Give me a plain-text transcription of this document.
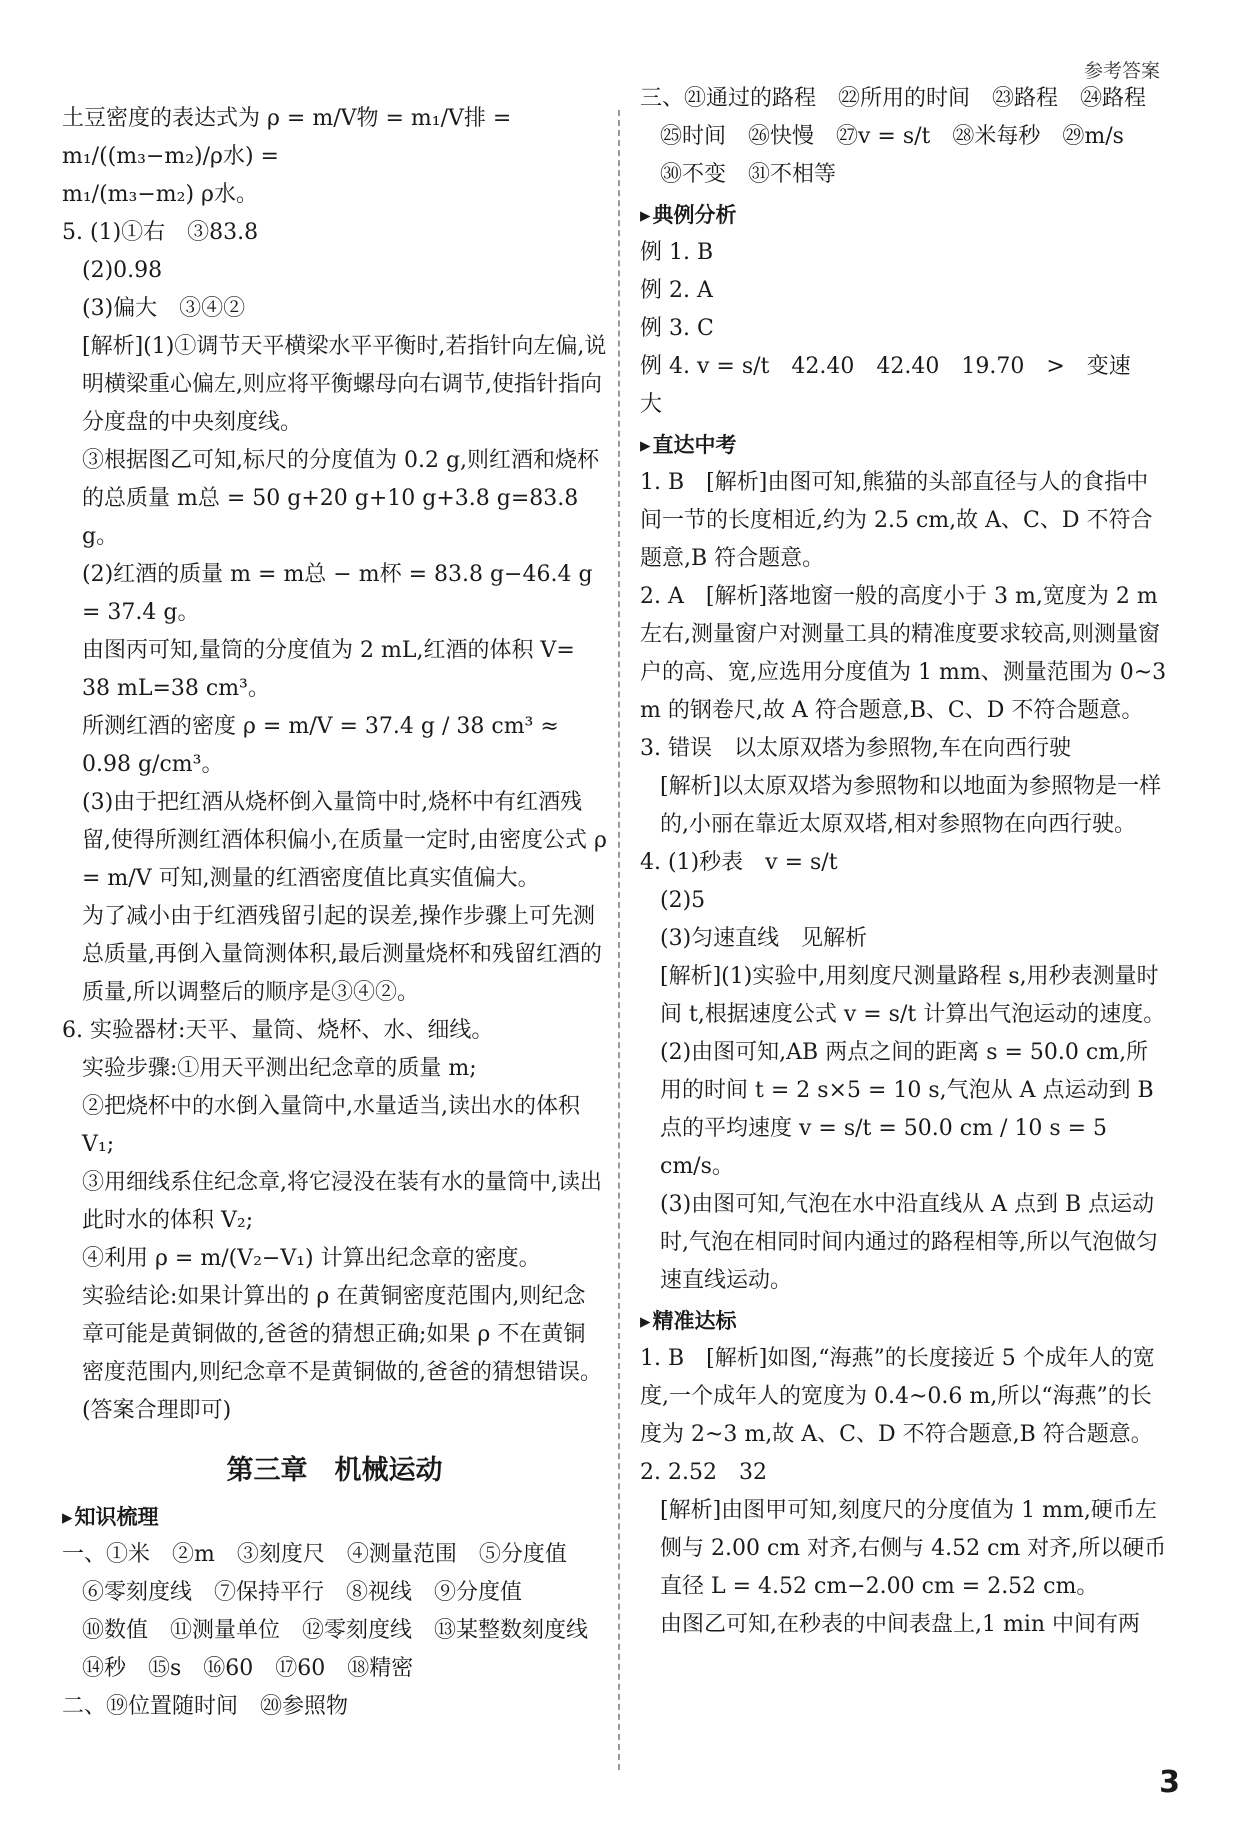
参考答案

土豆密度的表达式为 ρ = m/V物 = m₁/V排 = m₁/((m₃−m₂)/ρ水) =

m₁/(m₃−m₂) ρ水。

5. (1)①右　③83.8

(2)0.98

(3)偏大　③④②

[解析](1)①调节天平横梁水平平衡时,若指针向左偏,说明横梁重心偏左,则应将平衡螺母向右调节,使指针指向分度盘的中央刻度线。

③根据图乙可知,标尺的分度值为 0.2 g,则红酒和烧杯的总质量 m总 = 50 g+20 g+10 g+3.8 g=83.8 g。

(2)红酒的质量 m = m总 − m杯 = 83.8 g−46.4 g = 37.4 g。

由图丙可知,量筒的分度值为 2 mL,红酒的体积 V= 38 mL=38 cm³。

所测红酒的密度 ρ = m/V = 37.4 g / 38 cm³ ≈ 0.98 g/cm³。

(3)由于把红酒从烧杯倒入量筒中时,烧杯中有红酒残留,使得所测红酒体积偏小,在质量一定时,由密度公式 ρ = m/V 可知,测量的红酒密度值比真实值偏大。

为了减小由于红酒残留引起的误差,操作步骤上可先测总质量,再倒入量筒测体积,最后测量烧杯和残留红酒的质量,所以调整后的顺序是③④②。

6. 实验器材:天平、量筒、烧杯、水、细线。

实验步骤:①用天平测出纪念章的质量 m;

②把烧杯中的水倒入量筒中,水量适当,读出水的体积 V₁;

③用细线系住纪念章,将它浸没在装有水的量筒中,读出此时水的体积 V₂;

④利用 ρ = m/(V₂−V₁) 计算出纪念章的密度。

实验结论:如果计算出的 ρ 在黄铜密度范围内,则纪念章可能是黄铜做的,爸爸的猜想正确;如果 ρ 不在黄铜密度范围内,则纪念章不是黄铜做的,爸爸的猜想错误。

(答案合理即可)

第三章　机械运动
▸ 知识梳理

一、①米　②m　③刻度尺　④测量范围　⑤分度值

⑥零刻度线　⑦保持平行　⑧视线　⑨分度值

⑩数值　⑪测量单位　⑫零刻度线　⑬某整数刻度线　⑭秒　⑮s　⑯60　⑰60　⑱精密

二、⑲位置随时间　⑳参照物

三、㉑通过的路程　㉒所用的时间　㉓路程　㉔路程

㉕时间　㉖快慢　㉗v = s/t　㉘米每秒　㉙m/s

㉚不变　㉛不相等

▸ 典例分析

例 1. B

例 2. A

例 3. C

例 4. v = s/t　42.40　42.40　19.70　>　变速　大

▸ 直达中考

1. B　[解析]由图可知,熊猫的头部直径与人的食指中间一节的长度相近,约为 2.5 cm,故 A、C、D 不符合题意,B 符合题意。

2. A　[解析]落地窗一般的高度小于 3 m,宽度为 2 m 左右,测量窗户对测量工具的精准度要求较高,则测量窗户的高、宽,应选用分度值为 1 mm、测量范围为 0~3 m 的钢卷尺,故 A 符合题意,B、C、D 不符合题意。

3. 错误　以太原双塔为参照物,车在向西行驶

[解析]以太原双塔为参照物和以地面为参照物是一样的,小丽在靠近太原双塔,相对参照物在向西行驶。

4. (1)秒表　v = s/t

(2)5

(3)匀速直线　见解析

[解析](1)实验中,用刻度尺测量路程 s,用秒表测量时间 t,根据速度公式 v = s/t 计算出气泡运动的速度。

(2)由图可知,AB 两点之间的距离 s = 50.0 cm,所用的时间 t = 2 s×5 = 10 s,气泡从 A 点运动到 B 点的平均速度 v = s/t = 50.0 cm / 10 s = 5 cm/s。

(3)由图可知,气泡在水中沿直线从 A 点到 B 点运动时,气泡在相同时间内通过的路程相等,所以气泡做匀速直线运动。

▸ 精准达标

1. B　[解析]如图,“海燕”的长度接近 5 个成年人的宽度,一个成年人的宽度为 0.4~0.6 m,所以“海燕”的长度为 2~3 m,故 A、C、D 不符合题意,B 符合题意。

2. 2.52　32

[解析]由图甲可知,刻度尺的分度值为 1 mm,硬币左侧与 2.00 cm 对齐,右侧与 4.52 cm 对齐,所以硬币直径 L = 4.52 cm−2.00 cm = 2.52 cm。

由图乙可知,在秒表的中间表盘上,1 min 中间有两

3
